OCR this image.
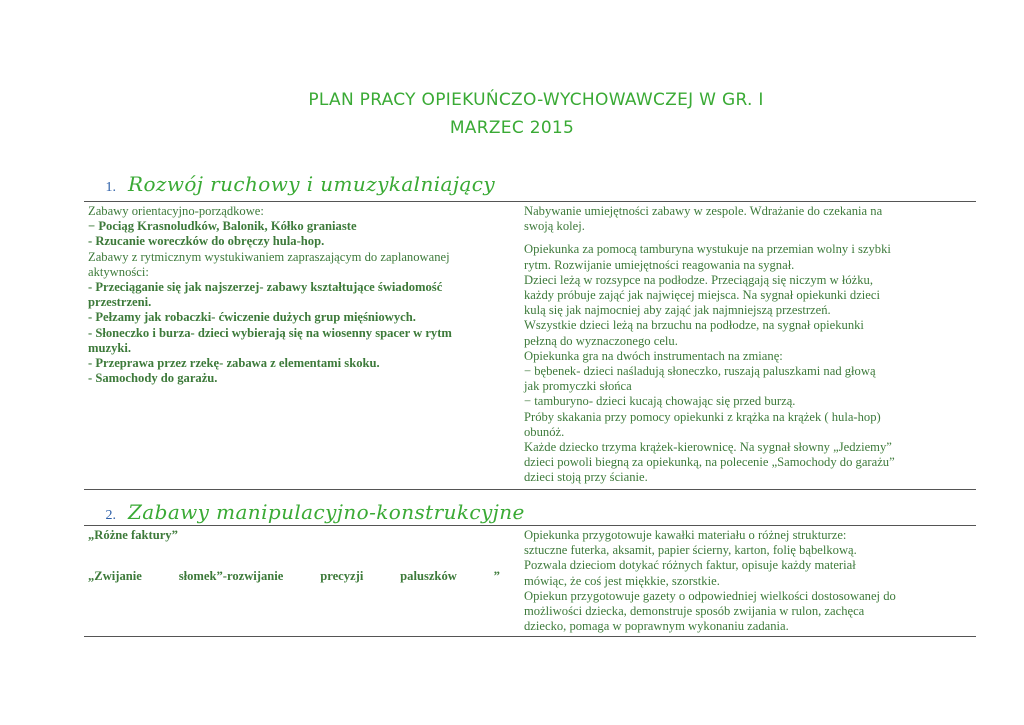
PLAN PRACY OPIEKUŃCZO-WYCHOWAWCZEJ W GR. I
MARZEC 2015
1. Rozwój ruchowy i umuzykalniający
Zabawy orientacyjno-porządkowe:
− Pociąg Krasnoludków, Balonik, Kółko graniaste
- Rzucanie woreczków do obręczy hula-hop.
Zabawy z rytmicznym wystukiwaniem zapraszającym do zaplanowanej
aktywności:
- Przeciąganie się jak najszerzej- zabawy kształtujące świadomość
przestrzeni.
- Pełzamy jak robaczki- ćwiczenie dużych grup mięśniowych.
- Słoneczko i burza- dzieci wybierają się na wiosenny spacer w rytm
muzyki.
- Przeprawa przez rzekę- zabawa z elementami skoku.
- Samochody do garażu.

Nabywanie umiejętności zabawy w zespole. Wdrażanie do czekania na
swoją kolej.
Opiekunka za pomocą tamburyna wystukuje na przemian wolny i szybki
rytm. Rozwijanie umiejętności reagowania na sygnał.
Dzieci leżą w rozsypce na podłodze. Przeciągają się niczym w łóżku,
każdy próbuje zająć jak najwięcej miejsca. Na sygnał opiekunki dzieci
kulą się jak najmocniej aby zająć jak najmniejszą przestrzeń.
Wszystkie dzieci leżą na brzuchu na podłodze, na sygnał opiekunki
pełzną do wyznaczonego celu.
Opiekunka gra na dwóch instrumentach na zmianę:
− bębenek- dzieci naśladują słoneczko, ruszają paluszkami nad głową
jak promyczki słońca
− tamburyno- dzieci kucają chowając się przed burzą.
Próby skakania przy pomocy opiekunki z krążka na krążek ( hula-hop)
obunóż.
Każde dziecko trzyma krążek-kierownicę. Na sygnał słowny „Jedziemy”
dzieci powoli biegną za opiekunką, na polecenie „Samochody do garażu”
dzieci stoją przy ścianie.
2. Zabawy manipulacyjno-konstrukcyjne
„Różne faktury”
„Zwijanie	słomek”-rozwijanie	precyzji	paluszków	”

Opiekunka przygotowuje kawałki materiału o różnej strukturze:
sztuczne futerka, aksamit, papier ścierny, karton, folię bąbelkową.
Pozwala dzieciom dotykać różnych faktur, opisuje każdy materiał
mówiąc, że coś jest miękkie, szorstkie.
Opiekun przygotowuje gazety o odpowiedniej wielkości dostosowanej do
możliwości dziecka, demonstruje sposób zwijania w rulon, zachęca
dziecko, pomaga w poprawnym wykonaniu zadania.
